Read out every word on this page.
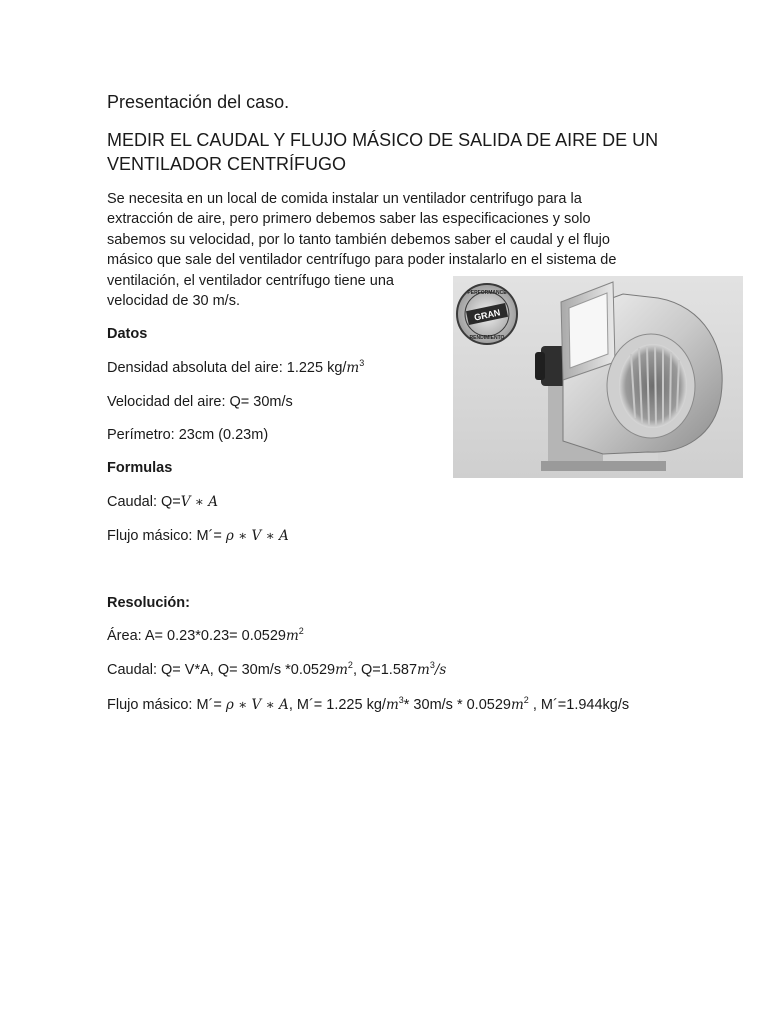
Presentación del caso.
MEDIR EL CAUDAL Y FLUJO MÁSICO DE SALIDA DE AIRE DE UN
VENTILADOR CENTRÍFUGO
Se necesita en un local de comida instalar un ventilador centrifugo para la
extracción de aire, pero primero debemos saber las especificaciones y solo
sabemos su velocidad, por lo tanto también debemos saber el caudal y el flujo
másico que sale del ventilador centrífugo para poder instalarlo en el sistema de
ventilación, el ventilador centrífugo tiene una
velocidad de 30 m/s.
Datos
Densidad absoluta del aire: 1.225 $kg/m^3$
Velocidad del aire: Q= 30m/s
Perímetro: 23cm (0.23m)
Formulas
Caudal: Q=V ∗ A
Flujo másico: M´= ρ ∗ V ∗ A
Resolución:
Área: $A= 0.23*0.23= 0.0529m^2$
Caudal: Q= V*A, Q= 30m/s $*0.0529m^2$, $Q=1.587m^3/s$
Flujo másico: M´= ρ ∗ V ∗ A, M´= 1.225 $kg/m^3*$ $30m/s * 0.0529m^2$ , M´=1.944kg/s
PERFORMANCE
GRAN
RENDIMIENTO
